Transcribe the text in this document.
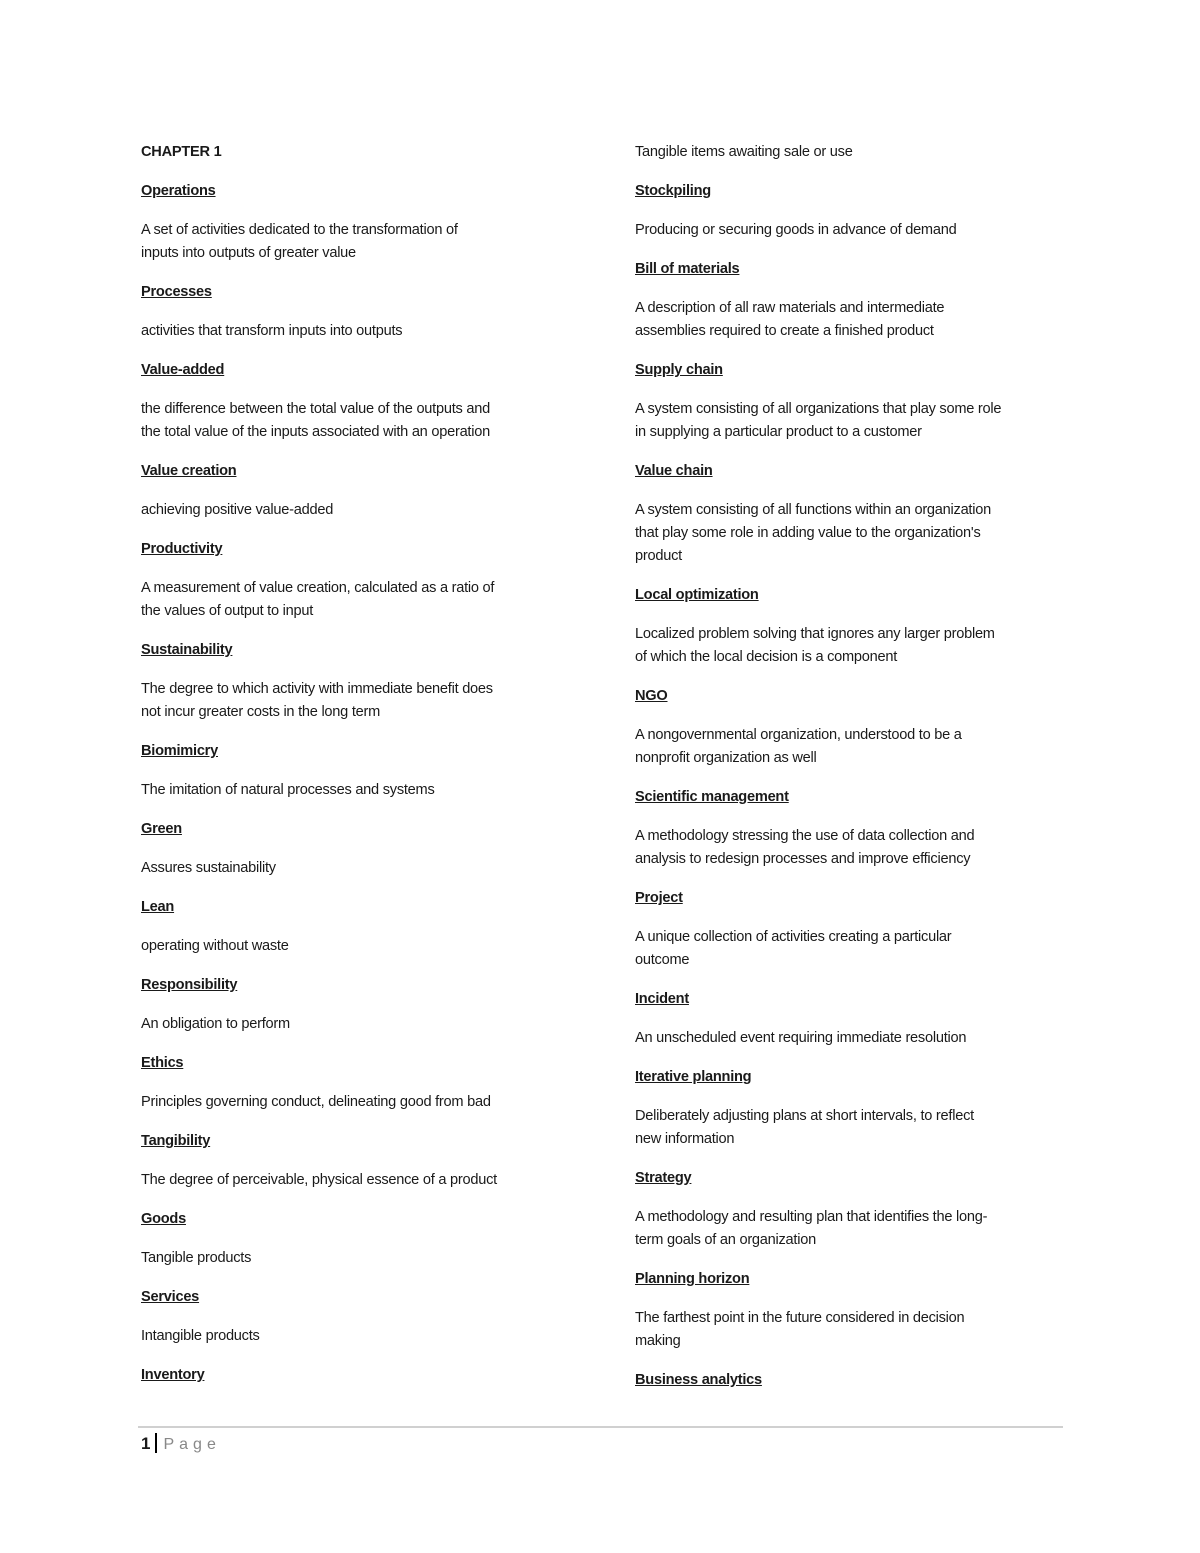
CHAPTER 1
Operations
A set of activities dedicated to the transformation of
inputs into outputs of greater value
Processes
activities that transform inputs into outputs
Value-added
the difference between the total value of the outputs and
the total value of the inputs associated with an operation
Value creation
achieving positive value-added
Productivity
A measurement of value creation, calculated as a ratio of
the values of output to input
Sustainability
The degree to which activity with immediate benefit does
not incur greater costs in the long term
Biomimicry
The imitation of natural processes and systems
Green
Assures sustainability
Lean
operating without waste
Responsibility
An obligation to perform
Ethics
Principles governing conduct, delineating good from bad
Tangibility
The degree of perceivable, physical essence of a product
Goods
Tangible products
Services
Intangible products
Inventory
Tangible items awaiting sale or use
Stockpiling
Producing or securing goods in advance of demand
Bill of materials
A description of all raw materials and intermediate
assemblies required to create a finished product
Supply chain
A system consisting of all organizations that play some role
in supplying a particular product to a customer
Value chain
A system consisting of all functions within an organization
that play some role in adding value to the organization's
product
Local optimization
Localized problem solving that ignores any larger problem
of which the local decision is a component
NGO
A nongovernmental organization, understood to be a
nonprofit organization as well
Scientific management
A methodology stressing the use of data collection and
analysis to redesign processes and improve efficiency
Project
A unique collection of activities creating a particular
outcome
Incident
An unscheduled event requiring immediate resolution
Iterative planning
Deliberately adjusting plans at short intervals, to reflect
new information
Strategy
A methodology and resulting plan that identifies the long-
term goals of an organization
Planning horizon
The farthest point in the future considered in decision
making
Business analytics
1 Page
